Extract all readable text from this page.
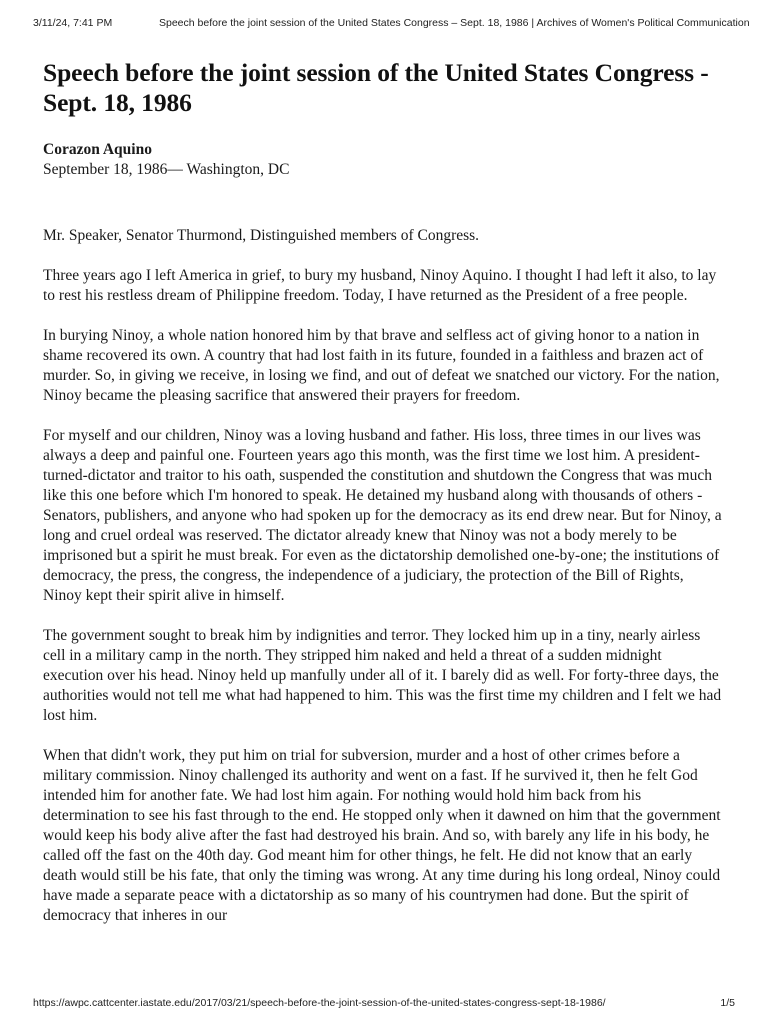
3/11/24, 7:41 PM	Speech before the joint session of the United States Congress – Sept. 18, 1986 | Archives of Women's Political Communication
Speech before the joint session of the United States Congress - Sept. 18, 1986
Corazon Aquino
September 18, 1986— Washington, DC

Mr. Speaker, Senator Thurmond, Distinguished members of Congress.

Three years ago I left America in grief, to bury my husband, Ninoy Aquino. I thought I had left it also, to lay to rest his restless dream of Philippine freedom. Today, I have returned as the President of a free people.

In burying Ninoy, a whole nation honored him by that brave and selfless act of giving honor to a nation in shame recovered its own. A country that had lost faith in its future, founded in a faithless and brazen act of murder. So, in giving we receive, in losing we find, and out of defeat we snatched our victory. For the nation, Ninoy became the pleasing sacrifice that answered their prayers for freedom.

For myself and our children, Ninoy was a loving husband and father. His loss, three times in our lives was always a deep and painful one. Fourteen years ago this month, was the first time we lost him. A president-turned-dictator and traitor to his oath, suspended the constitution and shutdown the Congress that was much like this one before which I'm honored to speak. He detained my husband along with thousands of others - Senators, publishers, and anyone who had spoken up for the democracy as its end drew near. But for Ninoy, a long and cruel ordeal was reserved. The dictator already knew that Ninoy was not a body merely to be imprisoned but a spirit he must break. For even as the dictatorship demolished one-by-one; the institutions of democracy, the press, the congress, the independence of a judiciary, the protection of the Bill of Rights, Ninoy kept their spirit alive in himself.

The government sought to break him by indignities and terror. They locked him up in a tiny, nearly airless cell in a military camp in the north. They stripped him naked and held a threat of a sudden midnight execution over his head. Ninoy held up manfully under all of it. I barely did as well. For forty-three days, the authorities would not tell me what had happened to him. This was the first time my children and I felt we had lost him.

When that didn't work, they put him on trial for subversion, murder and a host of other crimes before a military commission. Ninoy challenged its authority and went on a fast. If he survived it, then he felt God intended him for another fate. We had lost him again. For nothing would hold him back from his determination to see his fast through to the end. He stopped only when it dawned on him that the government would keep his body alive after the fast had destroyed his brain. And so, with barely any life in his body, he called off the fast on the 40th day. God meant him for other things, he felt. He did not know that an early death would still be his fate, that only the timing was wrong. At any time during his long ordeal, Ninoy could have made a separate peace with a dictatorship as so many of his countrymen had done. But the spirit of democracy that inheres in our

https://awpc.cattcenter.iastate.edu/2017/03/21/speech-before-the-joint-session-of-the-united-states-congress-sept-18-1986/	1/5
